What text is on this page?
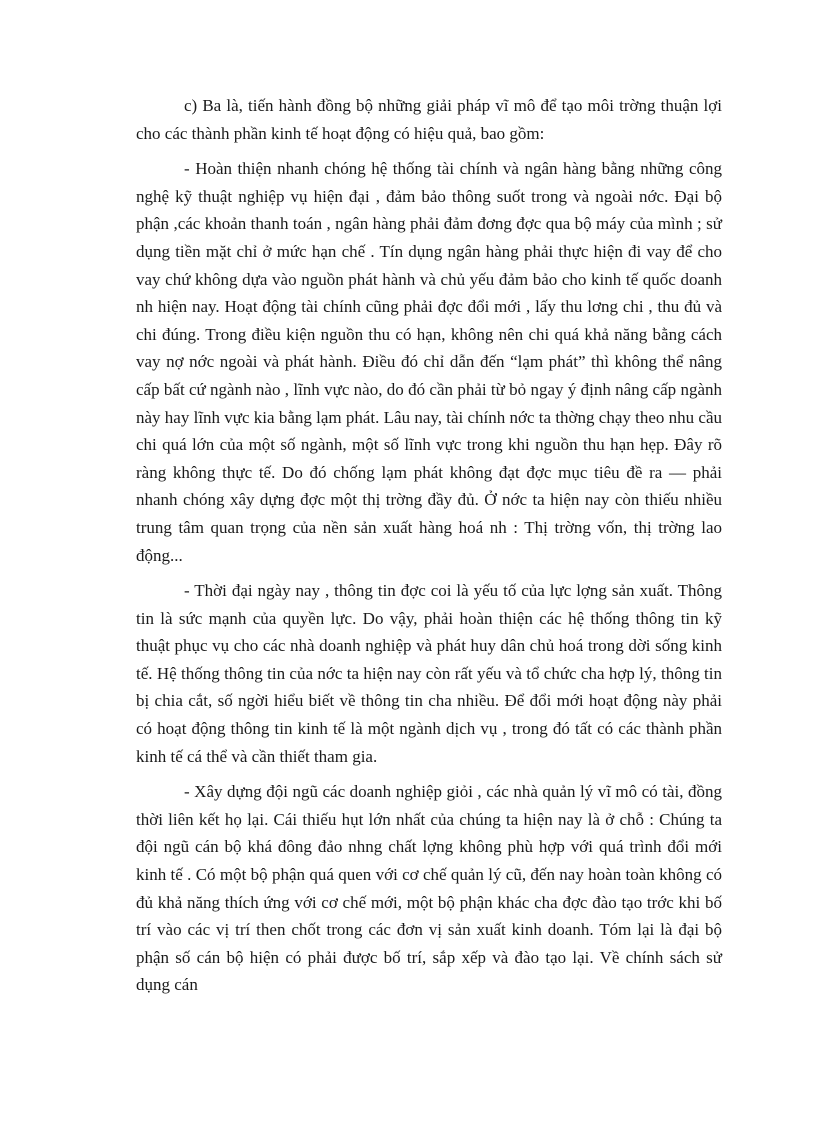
c) Ba là, tiến hành đồng bộ những giải pháp vĩ mô để tạo môi trờng thuận lợi cho các thành phần kinh tế hoạt động có hiệu quả, bao gồm:

- Hoàn thiện nhanh chóng hệ thống tài chính và ngân hàng bằng những công nghệ kỹ thuật nghiệp vụ hiện đại , đảm bảo thông suốt trong và ngoài nớc. Đại bộ phận ,các khoản thanh toán , ngân hàng phải đảm đơng đợc qua bộ máy của mình ; sử dụng tiền mặt chỉ ở mức hạn chế . Tín dụng ngân hàng phải thực hiện đi vay để cho vay chứ không dựa vào nguồn phát hành và chủ yếu đảm bảo cho kinh tế quốc doanh nh hiện nay. Hoạt động tài chính cũng phải đợc đổi mới , lấy thu lơng chi , thu đủ và chi đúng. Trong điều kiện nguồn thu có hạn, không nên chi quá khả năng bằng cách vay nợ nớc ngoài và phát hành. Điều đó chỉ dẫn đến “lạm phát” thì không thể nâng cấp bất cứ ngành nào , lĩnh vực nào, do đó cần phải từ bỏ ngay ý định nâng cấp ngành này hay lĩnh vực kia bằng lạm phát. Lâu nay, tài chính nớc ta thờng chạy theo nhu cầu chi quá lớn của một số ngành, một số lĩnh vực trong khi nguồn thu hạn hẹp. Đây rõ ràng không thực tế. Do đó chống lạm phát không đạt đợc mục tiêu đề ra — phải nhanh chóng xây dựng đợc một thị trờng đầy đủ. Ở nớc ta hiện nay còn thiếu nhiều trung tâm quan trọng của nền sản xuất hàng hoá nh : Thị trờng vốn, thị trờng lao động...

- Thời đại ngày nay , thông tin đợc coi là yếu tố của lực lợng sản xuất. Thông tin là sức mạnh của quyền lực. Do vậy, phải hoàn thiện các hệ thống thông tin kỹ thuật phục vụ cho các nhà doanh nghiệp và phát huy dân chủ hoá trong dời sống kinh tế. Hệ thống thông tin của nớc ta hiện nay còn rất yếu và tổ chức cha hợp lý, thông tin bị chia cắt, số ngời hiểu biết về thông tin cha nhiều. Để đổi mới hoạt động này phải có hoạt động thông tin kinh tế là một ngành dịch vụ , trong đó tất có các thành phần kinh tế cá thể và cần thiết tham gia.

- Xây dựng đội ngũ các doanh nghiệp giỏi , các nhà quản lý vĩ mô có tài, đồng thời liên kết họ lại. Cái thiếu hụt lớn nhất của chúng ta hiện nay là ở chỗ : Chúng ta đội ngũ cán bộ khá đông đảo nhng chất lợng không phù hợp với quá trình đổi mới kinh tế . Có một bộ phận quá quen với cơ chế quản lý cũ, đến nay hoàn toàn không có đủ khả năng thích ứng với cơ chế mới, một bộ phận khác cha đợc đào tạo trớc khi bố trí vào các vị trí then chốt trong các đơn vị sản xuất kinh doanh. Tóm lại là đại bộ phận số cán bộ hiện có phải được bố trí, sắp xếp và đào tạo lại. Về chính sách sử dụng cán
